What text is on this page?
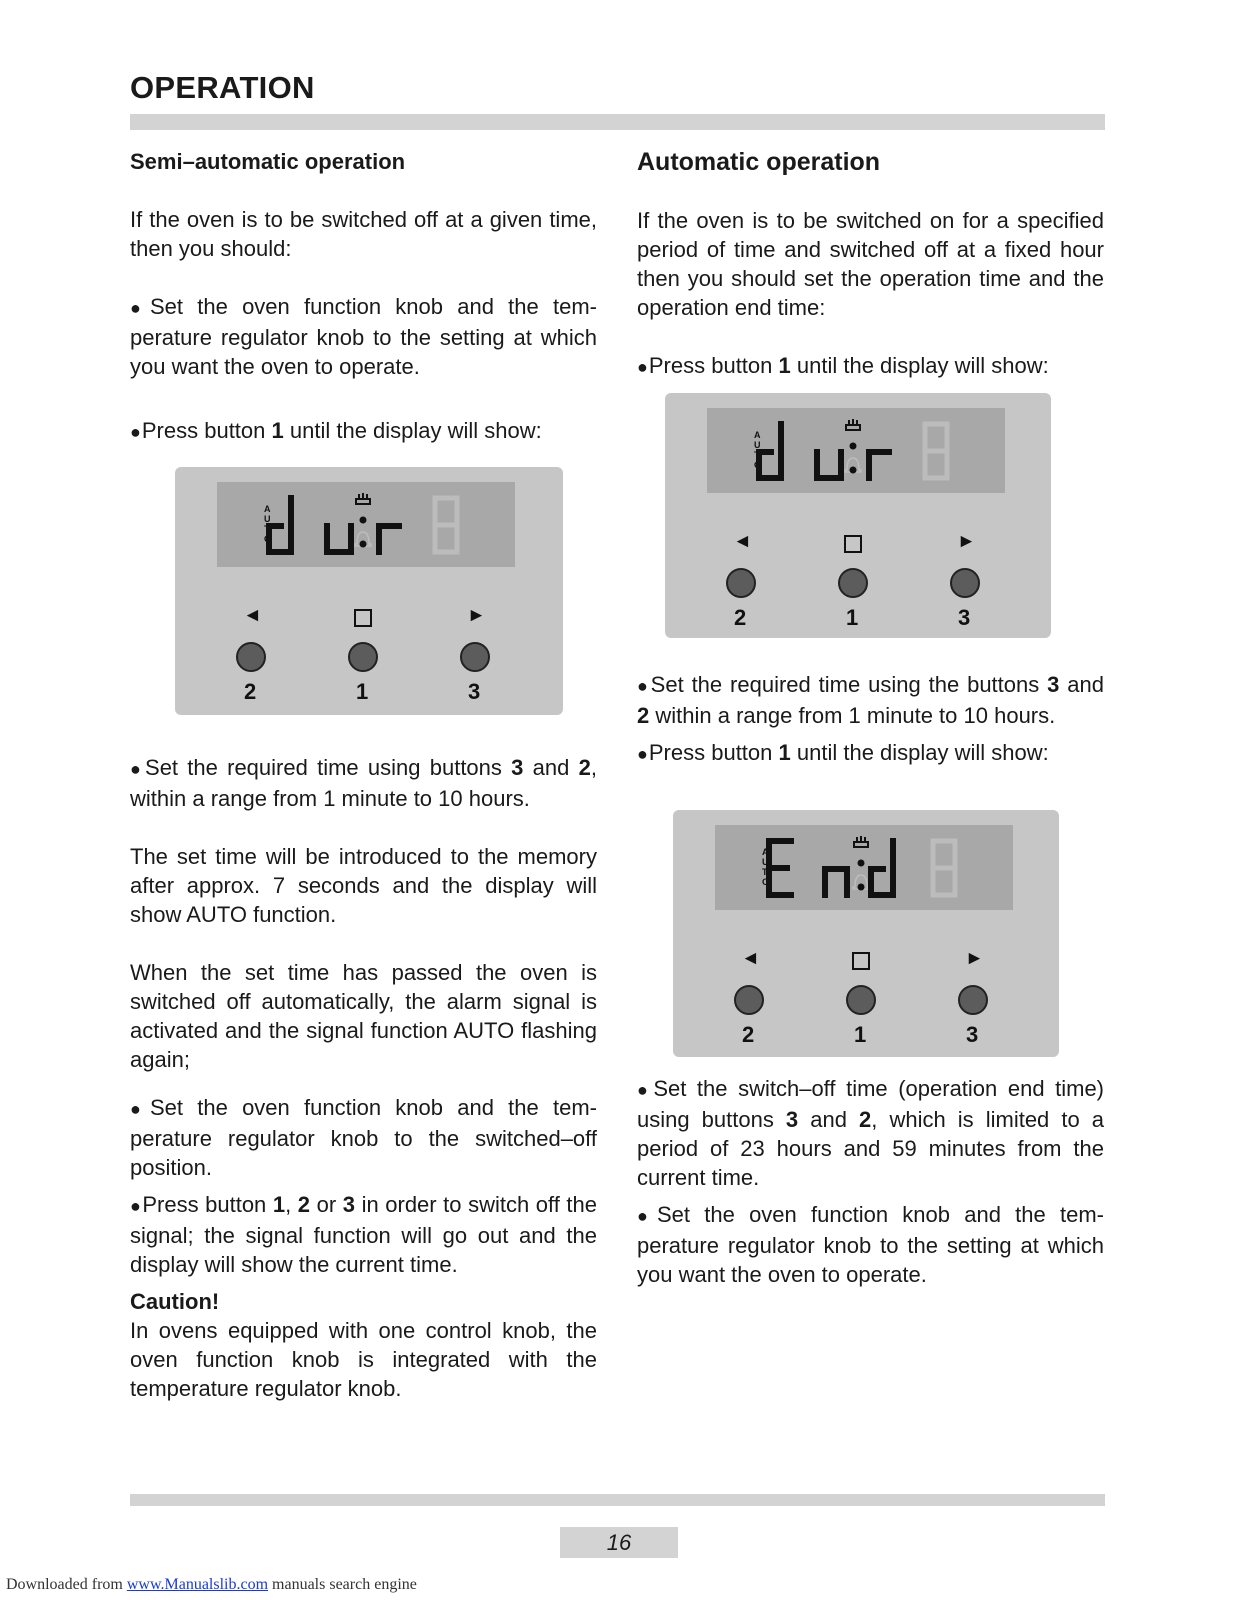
OPERATION

Semi–automatic operation

If the oven is to be switched off at a given time, then you should:

● Set the oven function knob and the temperature regulator knob to the setting at which you want the oven to operate.

● Press button 1 until the display will show:

● Set the required time using buttons 3 and 2, within a range from 1 minute to 10 hours.

The set time will be introduced to the memory after approx. 7 seconds and the display will show AUTO function.

When the set time has passed the oven is switched off automatically, the alarm signal is activated and the signal function AUTO flashing again;

● Set the oven function knob and the temperature regulator knob to the switched–off position.

● Press button 1, 2 or 3 in order to switch off the signal; the signal function will go out and the display will show the current time.

Caution!

In ovens equipped with one control knob, the oven function knob is integrated with the temperature regulator knob.

Automatic operation

If the oven is to be switched on for a specified period of time and switched off at a fixed hour then you should set the operation time and the operation end time:

● Press button 1 until the display will show:

● Set the required time using the buttons 3 and 2 within a range from 1 minute to 10 hours.

● Press button 1 until the display will show:

● Set the switch–off time (operation end time) using buttons 3 and 2, which is limited to a period of 23 hours and 59 minutes from the current time.

● Set the oven function knob and the temperature regulator knob to the setting at which you want the oven to operate.

A U T O
◄	►
2	1	3
A U T O
◄	►
2	1	3
A U T O
◄	►
2	1	3
16
Downloaded from www.Manualslib.com manuals search engine
